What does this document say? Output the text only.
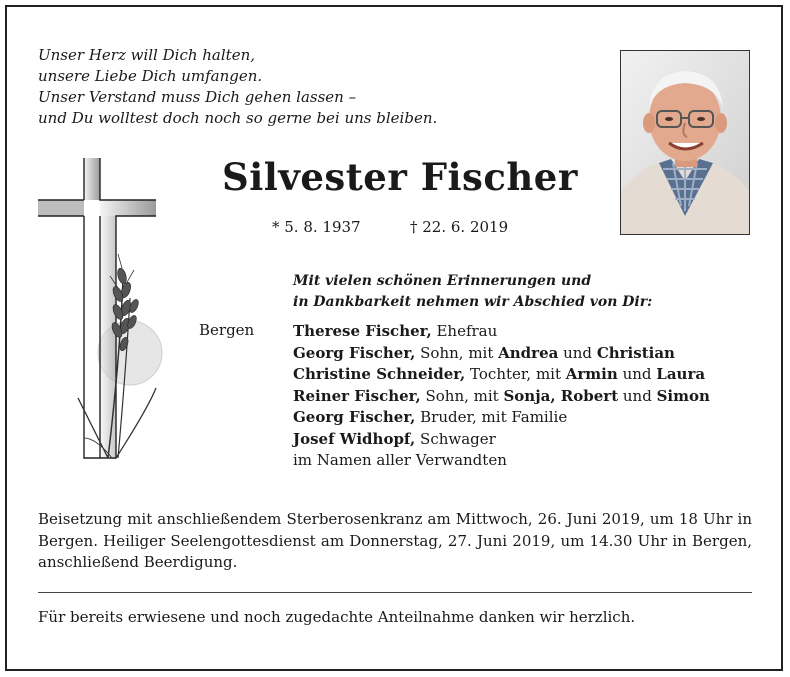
Unser Herz will Dich halten,
unsere Liebe Dich umfangen.
Unser Verstand muss Dich gehen lassen –
und Du wolltest doch noch so gerne bei uns bleiben.
Silvester Fischer
* 5. 8. 1937	† 22. 6. 2019
Mit vielen schönen Erinnerungen und
in Dankbarkeit nehmen wir Abschied von Dir:
Bergen	Therese Fischer, Ehefrau
Georg Fischer, Sohn, mit Andrea und Christian
Christine Schneider, Tochter, mit Armin und Laura
Reiner Fischer, Sohn, mit Sonja, Robert und Simon
Georg Fischer, Bruder, mit Familie
Josef Widhopf, Schwager
im Namen aller Verwandten
Beisetzung mit anschließendem Sterberosenkranz am Mittwoch, 26. Juni 2019, um 18 Uhr in Bergen. Heiliger Seelengottesdienst am Donnerstag, 27. Juni 2019, um 14.30 Uhr in Bergen, anschließend Beerdigung.
Für bereits erwiesene und noch zugedachte Anteilnahme danken wir herzlich.
